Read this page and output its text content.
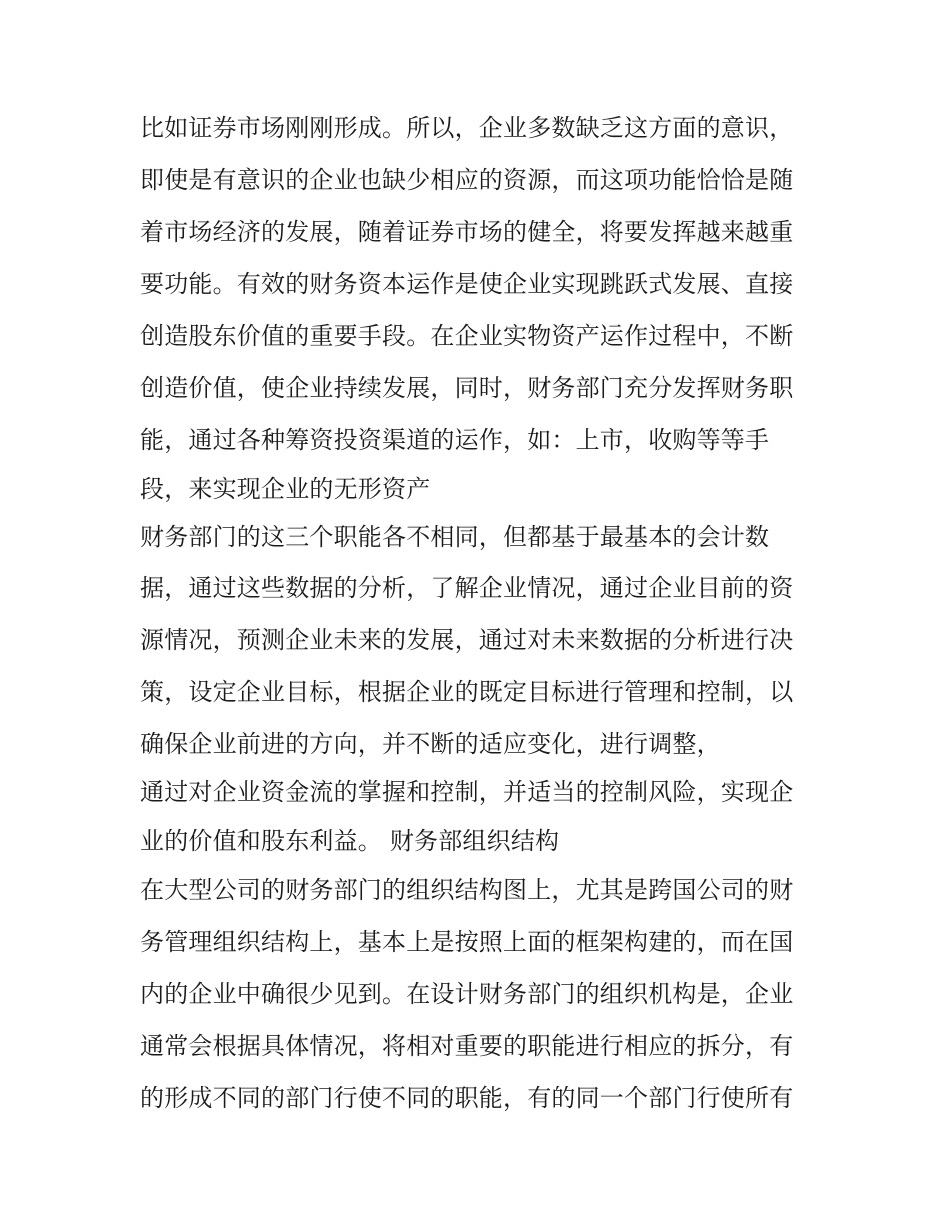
比如证券市场刚刚形成。所以，企业多数缺乏这方面的意识，
即使是有意识的企业也缺少相应的资源，而这项功能恰恰是随
着市场经济的发展，随着证券市场的健全，将要发挥越来越重
要功能。有效的财务资本运作是使企业实现跳跃式发展、直接
创造股东价值的重要手段。在企业实物资产运作过程中，不断
创造价值，使企业持续发展，同时，财务部门充分发挥财务职
能，通过各种筹资投资渠道的运作，如：上市，收购等等手
段，来实现企业的无形资产
财务部门的这三个职能各不相同，但都基于最基本的会计数
据，通过这些数据的分析，了解企业情况，通过企业目前的资
源情况，预测企业未来的发展，通过对未来数据的分析进行决
策，设定企业目标，根据企业的既定目标进行管理和控制，以
确保企业前进的方向，并不断的适应变化，进行调整，
通过对企业资金流的掌握和控制，并适当的控制风险，实现企
业的价值和股东利益。 财务部组织结构
在大型公司的财务部门的组织结构图上，尤其是跨国公司的财
务管理组织结构上，基本上是按照上面的框架构建的，而在国
内的企业中确很少见到。在设计财务部门的组织机构是，企业
通常会根据具体情况，将相对重要的职能进行相应的拆分，有
的形成不同的部门行使不同的职能，有的同一个部门行使所有
